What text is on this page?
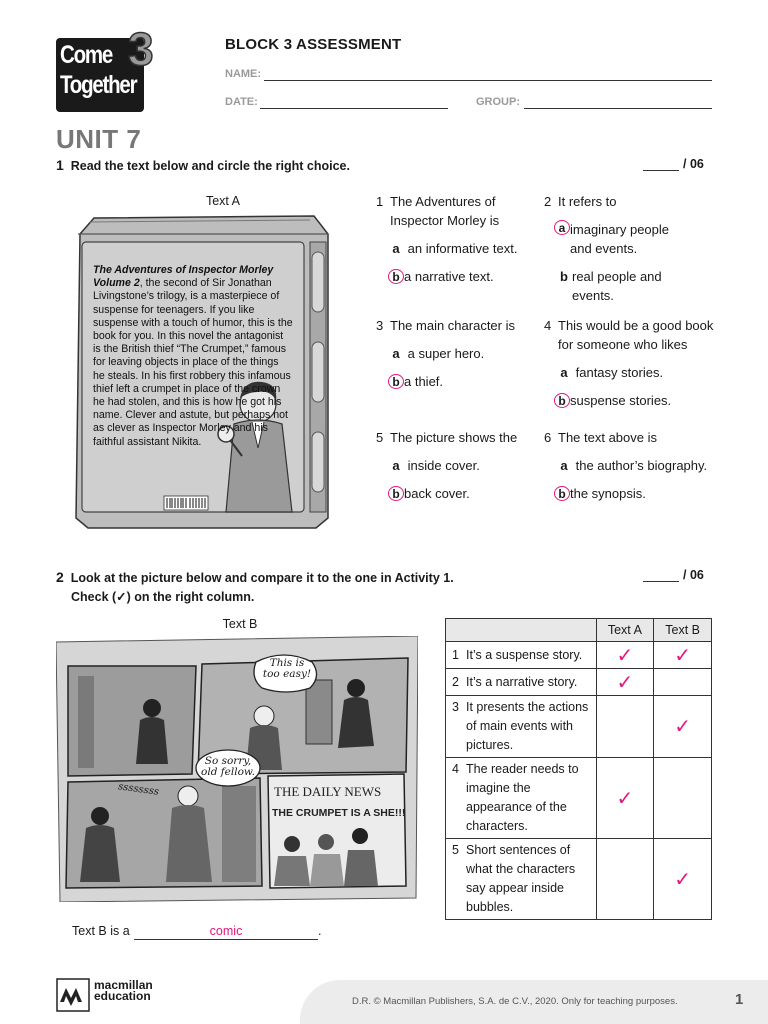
Come
Together
3	BLOCK 3 ASSESSMENT
NAME:
DATE:	GROUP:
UNIT 7
1 Read the text below and circle the right choice.	/ 06
Text A
The Adventures of Inspector Morley Volume 2, the second of Sir Jonathan Livingstone’s trilogy, is a masterpiece of suspense for teenagers. If you like suspense with a touch of humor, this is the book for you. In this novel the antagonist is the British thief “The Crumpet,” famous for leaving objects in place of the things he steals. In his first robbery this infamous thief left a crumpet in place of the crown he had stolen, and this is how he got his name. Clever and astute, but perhaps not as clever as Inspector Morley and his faithful assistant Nikita.
1 The Adventures of Inspector Morley is
a an informative text.
b a narrative text.
2 It refers to
a imaginary people and events.
b real people and events.
3 The main character is
a a super hero.
b a thief.
4 This would be a good book for someone who likes
a fantasy stories.
b suspense stories.
5 The picture shows the
a inside cover.
b back cover.
6 The text above is
a the author’s biography.
b the synopsis.
2 Look at the picture below and compare it to the one in Activity 1.
Check (✓) on the right column.
/ 06
Text B
THE DAILY NEWS
THE CRUMPET IS A SHE!!!
This is too easy!
So sorry, old fellow.
ssssssss
	Text A	Text B

1 It’s a suspense story.	✓	✓

2 It’s a narrative story.	✓	

3 It presents the actions of main events with pictures.		✓

4 The reader needs to imagine the appearance of the characters.	✓	

5 Short sentences of what the characters say appear inside bubbles.		✓
Text B is a	comic	.
macmillan
education	D.R. © Macmillan Publishers, S.A. de C.V., 2020. Only for teaching purposes.	1
